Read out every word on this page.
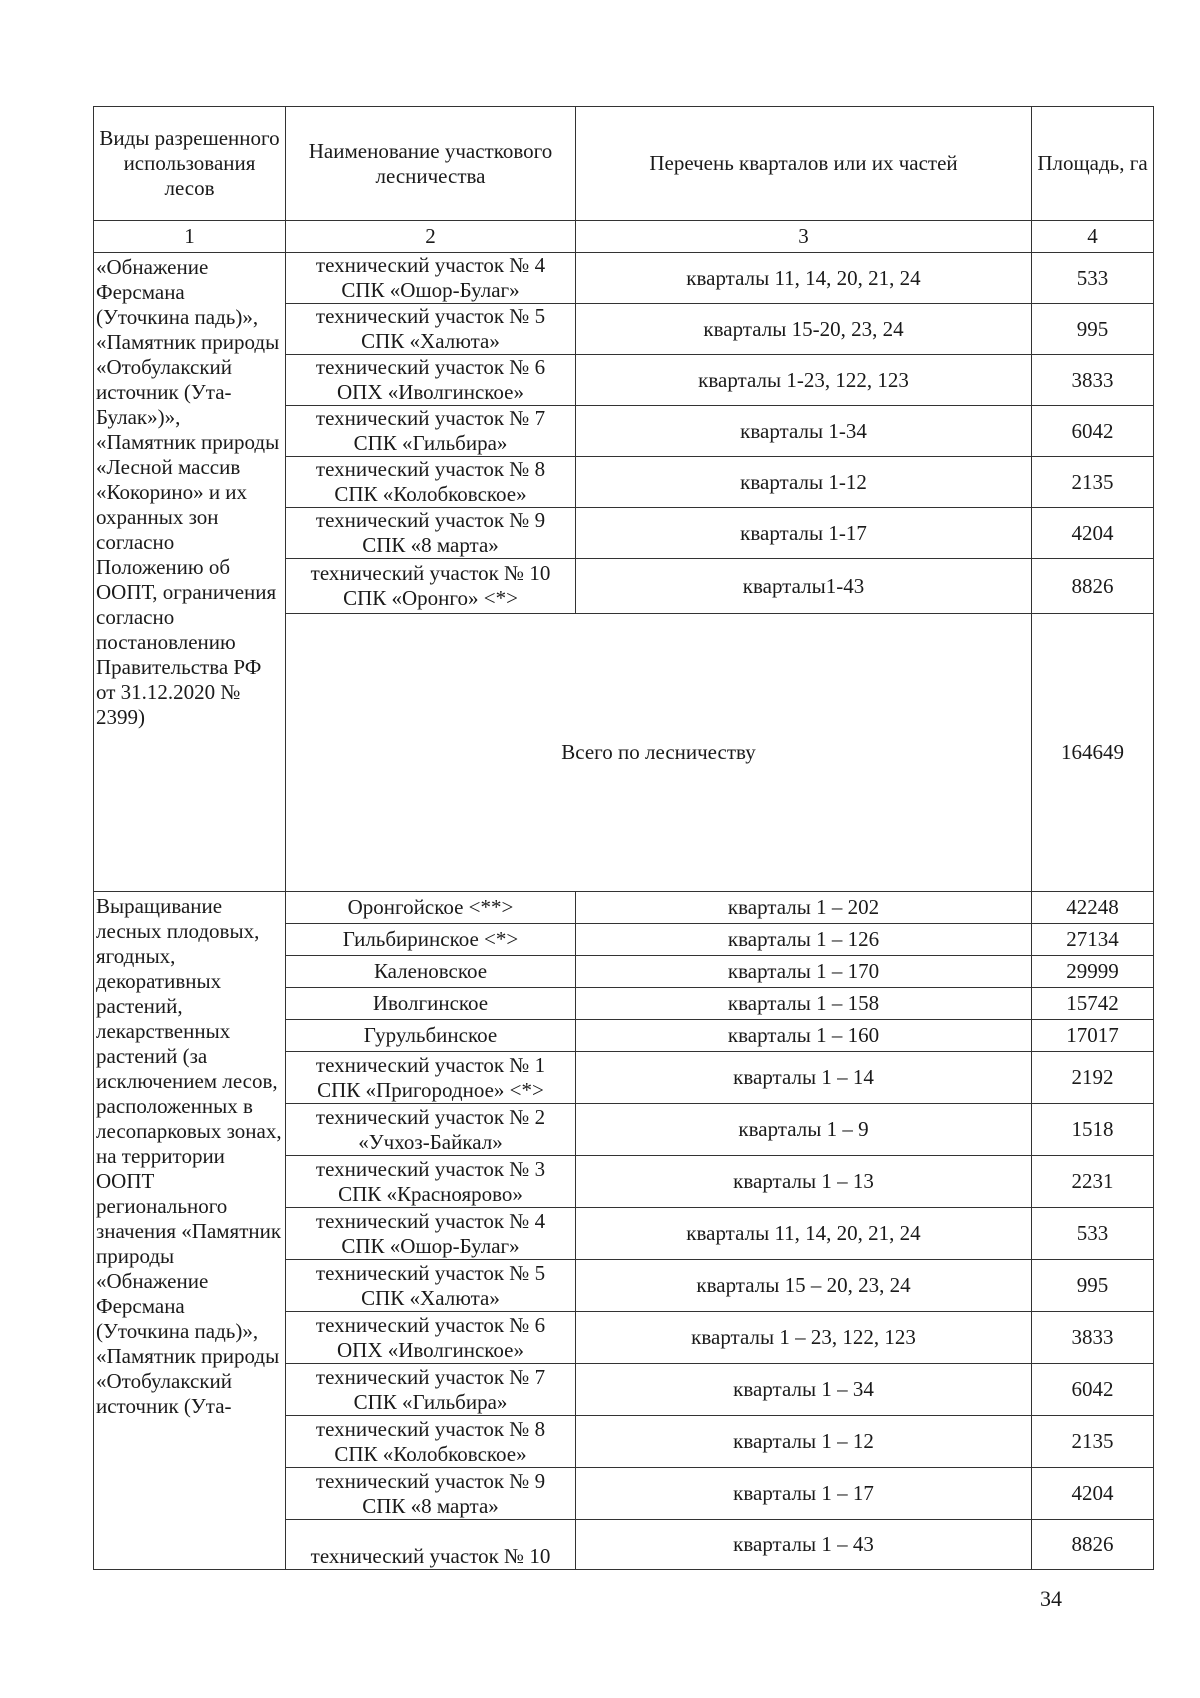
Виды разрешенного использования лесов	Наименование участкового лесничества	Перечень кварталов или их частей	Площадь, га
1	2	3	4
«Обнажение Ферсмана (Уточкина падь)», «Памятник природы «Отобулакский источник (Ута-Булак»)», «Памятник природы «Лесной массив «Кокорино» и их охранных зон согласно Положению об ООПТ, ограничения согласно постановлению Правительства РФ от 31.12.2020 № 2399)	технический участок № 4
СПК «Ошор-Булаг»	кварталы 11, 14, 20, 21, 24	533

	технический участок № 5
СПК «Халюта»	кварталы 15-20, 23, 24	995

	технический участок № 6
ОПХ «Иволгинское»	кварталы 1-23, 122, 123	3833

	технический участок № 7
СПК «Гильбира»	кварталы 1-34	6042

	технический участок № 8
СПК «Колобковское»	кварталы 1-12	2135

	технический участок № 9
СПК «8 марта»	кварталы 1-17	4204

	технический участок № 10
СПК «Оронго» <*>	кварталы1-43	8826
	Всего по лесничеству		164649
Выращивание лесных плодовых, ягодных, декоративных растений, лекарственных растений (за исключением лесов, расположенных в лесопарковых зонах, на территории ООПТ регионального значения «Памятник природы «Обнажение Ферсмана (Уточкина падь)», «Памятник природы «Отобулакский источник (Ута-	Оронгойское <**>	кварталы 1 – 202	42248
	Гильбиринское <*>	кварталы 1 – 126	27134
	Каленовское	кварталы 1 – 170	29999
	Иволгинское	кварталы 1 – 158	15742
	Гурульбинское	кварталы 1 – 160	17017

	технический участок № 1
СПК «Пригородное» <*>	кварталы 1 – 14	2192

	технический участок № 2
«Учхоз-Байкал»	кварталы 1 – 9	1518

	технический участок № 3
СПК «Красноярово»	кварталы 1 – 13	2231

	технический участок № 4
СПК «Ошор-Булаг»	кварталы 11, 14, 20, 21, 24	533

	технический участок № 5
СПК «Халюта»	кварталы 15 – 20, 23, 24	995

	технический участок № 6
ОПХ «Иволгинское»	кварталы 1 – 23, 122, 123	3833

	технический участок № 7
СПК «Гильбира»	кварталы 1 – 34	6042

	технический участок № 8
СПК «Колобковское»	кварталы 1 – 12	2135

	технический участок № 9
СПК «8 марта»	кварталы 1 – 17	4204
	технический участок № 10	кварталы 1 – 43	8826
34
